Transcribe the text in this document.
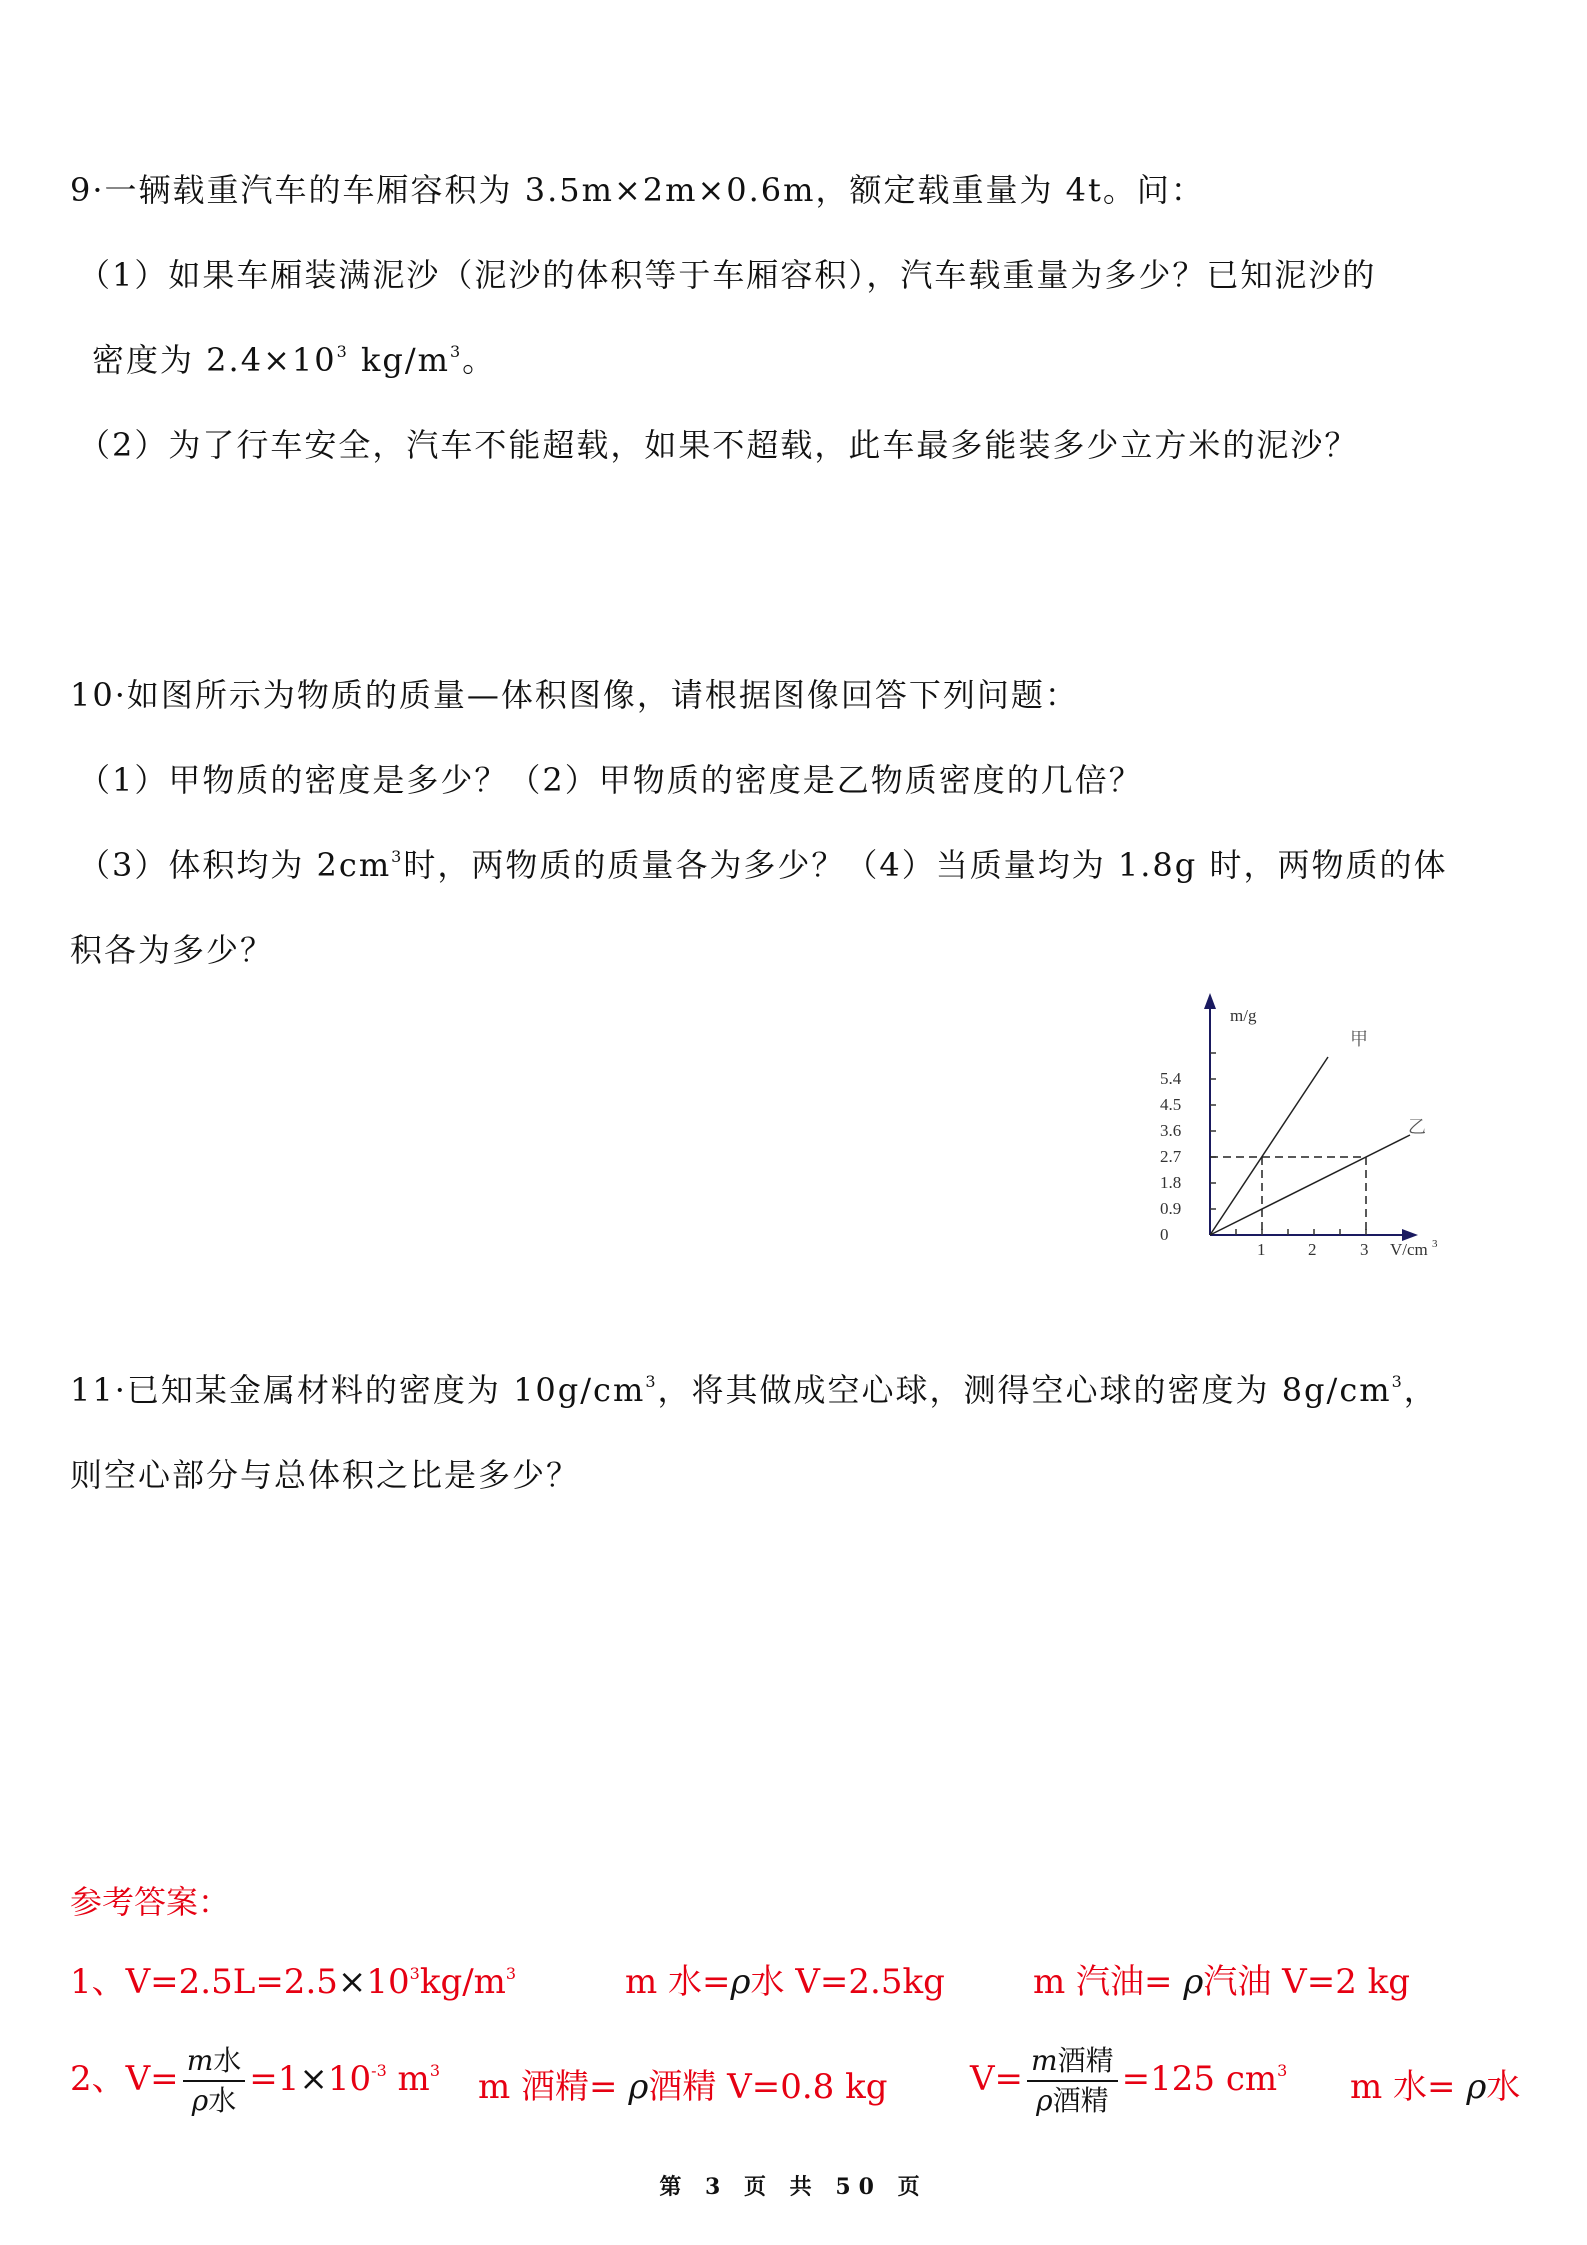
9·一辆载重汽车的车厢容积为 3.5m×2m×0.6m，额定载重量为 4t。问：
（1）如果车厢装满泥沙（泥沙的体积等于车厢容积），汽车载重量为多少？已知泥沙的
密度为 $2.4\times 10^3$ $kg/m^3$。
（2）为了行车安全，汽车不能超载，如果不超载，此车最多能装多少立方米的泥沙？
10·如图所示为物质的质量—体积图像，请根据图像回答下列问题：
（1）甲物质的密度是多少？（2）甲物质的密度是乙物质密度的几倍？
（3）体积均为 $2cm^3$时，两物质的质量各为多少？（4）当质量均为 1.8g 时，两物质的体
积各为多少？
0
0.9
1.8
2.7
3.6
4.5
5.4
m/g
1	2	3 V/cm 3
甲
乙
11·已知某金属材料的密度为 $10g/cm^3$，将其做成空心球，测得空心球的密度为 $8g/cm^3$，
则空心部分与总体积之比是多少？
参考答案：
1、$V=2.5L=2.5\times 10^3kg/m^3$	m 水=ρ水 V=2.5kg	m 汽油= ρ汽油 V=2 kg
2、$V= \frac{\text{m水}}{\text{ρ水}} =1\times 10^{-3}$ $m^3$ m 酒精= ρ酒精 V=0.8 kg $V= \frac{\text{m酒精}}{\text{ρ酒精}} =125$ $cm^3$ m 水= ρ水
第 3 页 共 50 页
